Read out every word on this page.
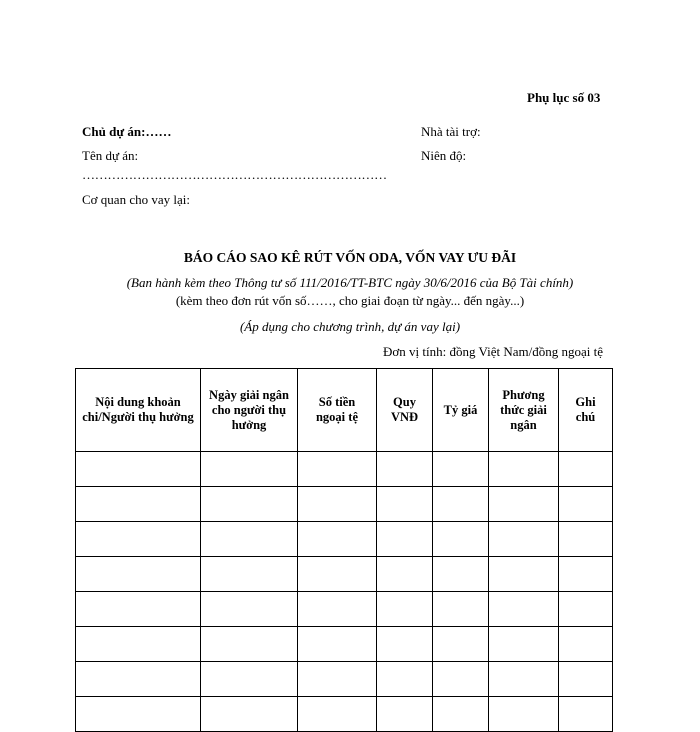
Phụ lục số 03
Chủ dự án:……
Tên dự án:
………………………………………………………………
Cơ quan cho vay lại:
Nhà tài trợ:
Niên độ:
BÁO CÁO SAO KÊ RÚT VỐN ODA, VỐN VAY ƯU ĐÃI
(Ban hành kèm theo Thông tư số 111/2016/TT-BTC ngày 30/6/2016 của Bộ Tài chính)
(kèm theo đơn rút vốn số……, cho giai đoạn từ ngày... đến ngày...)
(Áp dụng cho chương trình, dự án vay lại)
Đơn vị tính: đồng Việt Nam/đồng ngoại tệ
Nội dung khoản chi/Người thụ hưởng	Ngày giải ngân cho người thụ hưởng	Số tiền ngoại tệ	Quy VNĐ	Tỷ giá	Phương thức giải ngân	Ghi chú
